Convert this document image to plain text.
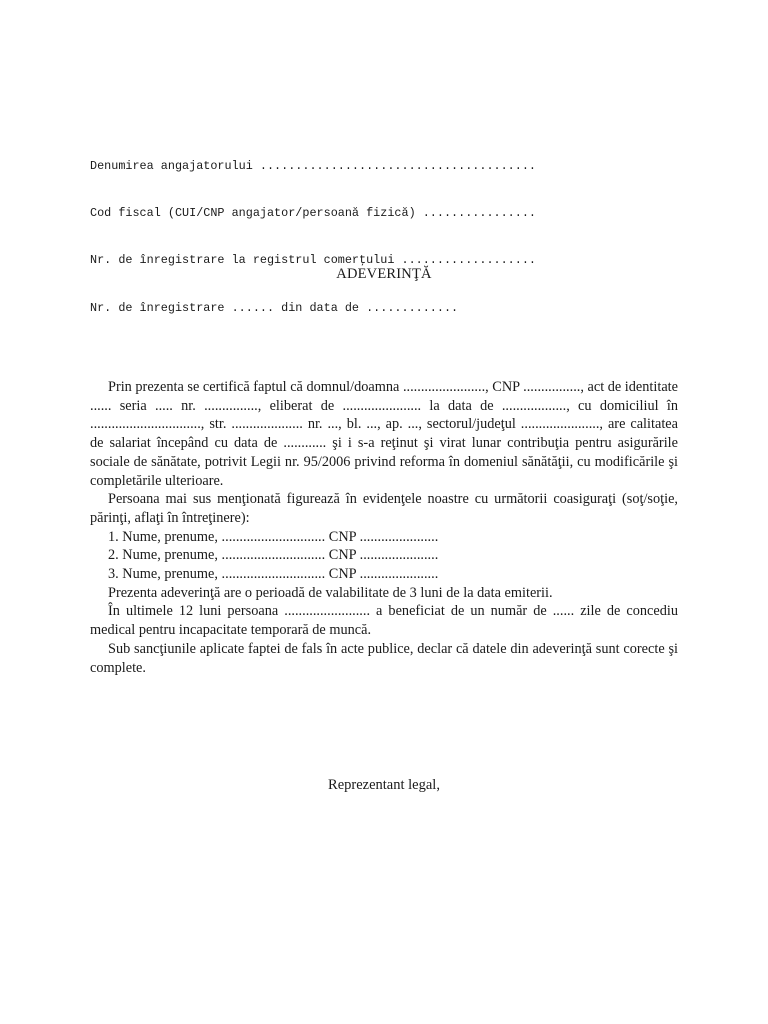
Denumirea angajatorului .......................................

Cod fiscal (CUI/CNP angajator/persoană fizică) ................

Nr. de înregistrare la registrul comerţului ...................

Nr. de înregistrare ...... din data de .............

ADEVERINŢĂ

Prin prezenta se certifică faptul că domnul/doamna ......................., CNP ................, act de identitate ...... seria ..... nr. ..............., eliberat de ...................... la data de .................., cu domiciliul în ..............................., str. .................... nr. ..., bl. ..., ap. ..., sectorul/judeţul ......................, are calitatea de salariat începând cu data de ............ şi i s-a reţinut şi virat lunar contribuţia pentru asigurările sociale de sănătate, potrivit Legii nr. 95/2006 privind reforma în domeniul sănătăţii, cu modificările şi completările ulterioare.

Persoana mai sus menţionată figurează în evidenţele noastre cu următorii coasiguraţi (soţ/soţie, părinţi, aflaţi în întreţinere):

1. Nume, prenume, ............................. CNP ......................

2. Nume, prenume, ............................. CNP ......................

3. Nume, prenume, ............................. CNP ......................

Prezenta adeverinţă are o perioadă de valabilitate de 3 luni de la data emiterii.

În ultimele 12 luni persoana ........................ a beneficiat de un număr de ...... zile de concediu medical pentru incapacitate temporară de muncă.

Sub sancţiunile aplicate faptei de fals în acte publice, declar că datele din adeverinţă sunt corecte şi complete.

Reprezentant legal,
